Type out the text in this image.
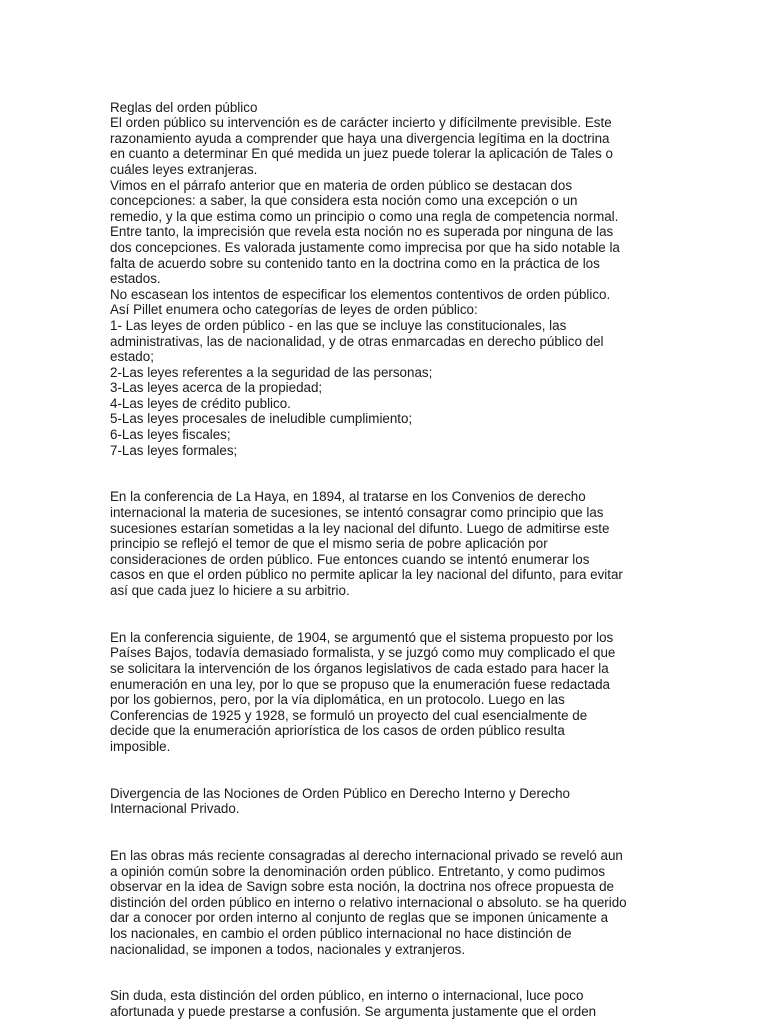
Reglas del orden público
El orden público su intervención es de carácter incierto y difícilmente previsible. Este
razonamiento ayuda a comprender que haya una divergencia legítima en la doctrina
en cuanto a determinar En qué medida un juez puede tolerar la aplicación de Tales o
cuáles leyes extranjeras.
Vimos en el párrafo anterior que en materia de orden público se destacan dos
concepciones: a saber, la que considera esta noción como una excepción o un
remedio, y la que estima como un principio o como una regla de competencia normal.
Entre tanto, la imprecisión que revela esta noción no es superada por ninguna de las
dos concepciones. Es valorada justamente como imprecisa por que ha sido notable la
falta de acuerdo sobre su contenido tanto en la doctrina como en la práctica de los
estados.
No escasean los intentos de especificar los elementos contentivos de orden público.
Así Pillet enumera ocho categorías de leyes de orden público:
1- Las leyes de orden público - en las que se incluye las constitucionales, las
administrativas, las de nacionalidad, y de otras enmarcadas en derecho público del
estado;
2-Las leyes referentes a la seguridad de las personas;
3-Las leyes acerca de la propiedad;
4-Las leyes de crédito publico.
5-Las leyes procesales de ineludible cumplimiento;
6-Las leyes fiscales;
7-Las leyes formales;

En la conferencia de La Haya, en 1894, al tratarse en los Convenios de derecho
internacional la materia de sucesiones, se intentó consagrar como principio que las
sucesiones estarían sometidas a la ley nacional del difunto. Luego de admitirse este
principio se reflejó el temor de que el mismo seria de pobre aplicación por
consideraciones de orden público. Fue entonces cuando se intentó enumerar los
casos en que el orden público no permite aplicar la ley nacional del difunto, para evitar
así que cada juez lo hiciere a su arbitrio.

En la conferencia siguiente, de 1904, se argumentó que el sistema propuesto por los
Países Bajos, todavía demasiado formalista, y se juzgó como muy complicado el que
se solicitara la intervención de los órganos legislativos de cada estado para hacer la
enumeración en una ley, por lo que se propuso que la enumeración fuese redactada
por los gobiernos, pero, por la vía diplomática, en un protocolo. Luego en las
Conferencias de 1925 y 1928, se formuló un proyecto del cual esencialmente de
decide que la enumeración apriorística de los casos de orden público resulta
imposible.

Divergencia de las Nociones de Orden Público en Derecho Interno y Derecho
Internacional Privado.

En las obras más reciente consagradas al derecho internacional privado se reveló aun
a opinión común sobre la denominación orden público. Entretanto, y como pudimos
observar en la idea de Savign sobre esta noción, la doctrina nos ofrece propuesta de
distinción del orden público en interno o relativo internacional o absoluto. se ha querido
dar a conocer por orden interno al conjunto de reglas que se imponen únicamente a
los nacionales, en cambio el orden público internacional no hace distinción de
nacionalidad, se imponen a todos, nacionales y extranjeros.

Sin duda, esta distinción del orden público, en interno o internacional, luce poco
afortunada y puede prestarse a confusión. Se argumenta justamente que el orden
